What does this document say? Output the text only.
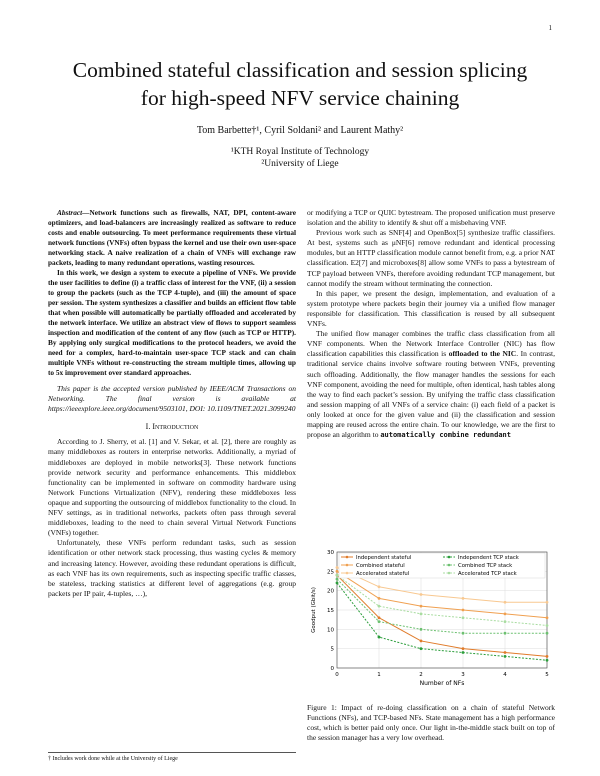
1
Combined stateful classification and session splicing
for high-speed NFV service chaining
Tom Barbette†¹, Cyril Soldani² and Laurent Mathy²
¹KTH Royal Institute of Technology
²University of Liege

Abstract—Network functions such as firewalls, NAT, DPI, content-aware optimizers, and load-balancers are increasingly realized as software to reduce costs and enable outsourcing. To meet performance requirements these virtual network functions (VNFs) often bypass the kernel and use their own user-space networking stack. A naive realization of a chain of VNFs will exchange raw packets, leading to many redundant operations, wasting resources.

In this work, we design a system to execute a pipeline of VNFs. We provide the user facilities to define (i) a traffic class of interest for the VNF, (ii) a session to group the packets (such as the TCP 4-tuple), and (iii) the amount of space per session. The system synthesizes a classifier and builds an efficient flow table that when possible will automatically be partially offloaded and accelerated by the network interface. We utilize an abstract view of flows to support seamless inspection and modification of the content of any flow (such as TCP or HTTP). By applying only surgical modifications to the protocol headers, we avoid the need for a complex, hard-to-maintain user-space TCP stack and can chain multiple VNFs without re-constructing the stream multiple times, allowing up to 5x improvement over standard approaches.

This paper is the accepted version published by IEEE/ACM Transactions on Networking. The final version is available at https://ieeexplore.ieee.org/document/9503101, DOI: 10.1109/TNET.2021.3099240

I. Introduction

According to J. Sherry, et al. [1] and V. Sekar, et al. [2], there are roughly as many middleboxes as routers in enterprise networks. Additionally, a myriad of middleboxes are deployed in mobile networks[3]. These network functions provide network security and performance enhancements. This middlebox functionality can be implemented in software on commodity hardware using Network Functions Virtualization (NFV), rendering these middleboxes less opaque and supporting the outsourcing of middlebox functionality to the cloud. In NFV settings, as in traditional networks, packets often pass through several middleboxes, leading to the need to chain several Virtual Network Functions (VNFs) together.

Unfortunately, these VNFs perform redundant tasks, such as session identification or other network stack processing, thus wasting cycles & memory and increasing latency. However, avoiding these redundant operations is difficult, as each VNF has its own requirements, such as inspecting specific traffic classes, be stateless, tracking statistics at different level of aggregations (e.g. group packets per IP pair, 4-tuples, …),

† Includes work done while at the University of Liege

or modifying a TCP or QUIC bytestream. The proposed unification must preserve isolation and the ability to identify & shut off a misbehaving VNF.

Previous work such as SNF[4] and OpenBox[5] synthesize traffic classifiers. At best, systems such as μNF[6] remove redundant and identical processing modules, but an HTTP classification module cannot benefit from, e.g. a prior NAT classification. E2[7] and microboxes[8] allow some VNFs to pass a bytestream of TCP payload between VNFs, therefore avoiding redundant TCP management, but cannot modify the stream without terminating the connection.

In this paper, we present the design, implementation, and evaluation of a system prototype where packets begin their journey via a unified flow manager responsible for classification. This classification is reused by all subsequent VNFs.

The unified flow manager combines the traffic class classification from all VNF components. When the Network Interface Controller (NIC) has flow classification capabilities this classification is offloaded to the NIC. In contrast, traditional service chains involve software routing between VNFs, preventing such offloading. Additionally, the flow manager handles the sessions for each VNF component, avoiding the need for multiple, often identical, hash tables along the way to find each packet’s session. By unifying the traffic class classification and session mapping of all VNFs of a service chain: (i) each field of a packet is only looked at once for the given value and (ii) the classification and session mapping are reused across the entire chain. To our knowledge, we are the first to propose an algorithm to automatically combine redundant

0
5
10
15
20
25
30
0	1	2	3	4	5
Number of NFs
Goodput (Gbit/s)
Independent stateful
Combined stateful
Accelerated stateful
Independent TCP stack
Combined TCP stack
Accelerated TCP stack
Figure 1: Impact of re-doing classification on a chain of stateful Network Functions (NFs), and TCP-based NFs. State management has a high performance cost, which is better paid only once. Our light in-the-middle stack built on top of the session manager has a very low overhead.
